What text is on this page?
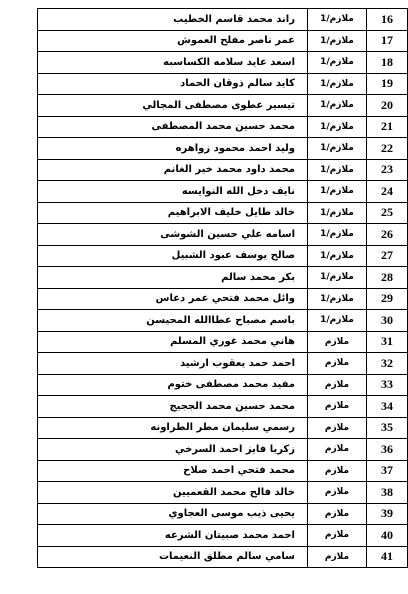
راند محمد قاسم الخطيب	ملازم/1	16
عمر ناصر مفلح العموش	ملازم/1	17
اسعد عايد سلامه الكساسبه	ملازم/1	18
كايد سالم ذوقان الحماد	ملازم/1	19
تيسير عطوى مصطفى المجالي	ملازم/1	20
محمد حسين محمد المصطفى	ملازم/1	21
وليد احمد محمود زواهره	ملازم/1	22
محمد داود محمد خير الغانم	ملازم/1	23
نايف دخل الله النوايسه	ملازم/1	24
خالد طايل خليف الابراهيم	ملازم/1	25
اسامه علي حسين الشوشى	ملازم/1	26
صالح يوسف عبود الشبيل	ملازم/1	27
بكر محمد سالم	ملازم/1	28
وائل محمد فتحي عمر دعاس	ملازم/1	29
باسم مصباح عطاالله المحيسن	ملازم/1	30
هاني محمد غوري المسلم	ملازم	31
احمد حمد يعقوب ارشيد	ملازم	32
مفيد محمد مصطفى ختوم	ملازم	33
محمد حسين محمد الججيج	ملازم	34
رسمي سليمان مطر الطراونه	ملازم	35
زكريا فايز احمد السرخي	ملازم	36
محمد فتحي احمد صلاح	ملازم	37
خالد فالح محمد القعميين	ملازم	38
يحيى ذيب موسى العجاوي	ملازم	39
احمد محمد صبيتان الشرعه	ملازم	40
سامي سالم مطلق النعيمات	ملازم	41
